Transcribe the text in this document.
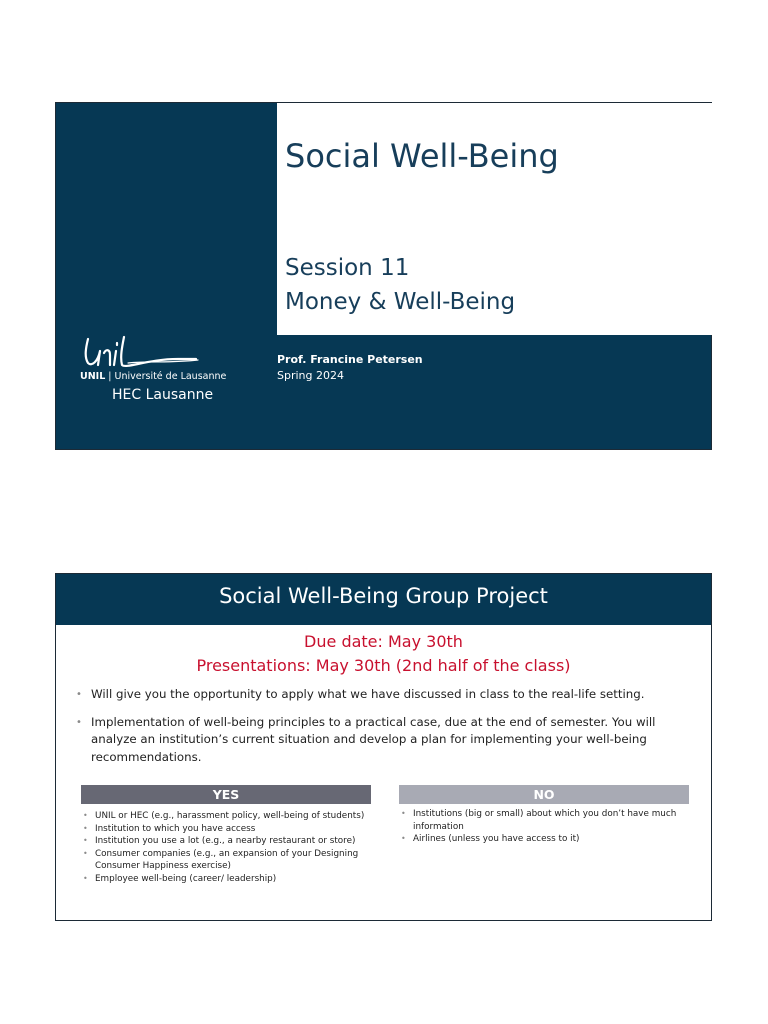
Social Well-Being
Session 11
Money & Well-Being
Prof. Francine Petersen
Spring 2024
UNIL | Université de Lausanne
HEC Lausanne
Social Well-Being Group Project
Due date: May 30th
Presentations: May 30th (2nd half of the class)
• Will give you the opportunity to apply what we have discussed in class to the real-life setting.
• Implementation of well-being principles to a practical case, due at the end of semester. You will analyze an institution’s current situation and develop a plan for implementing your well-being recommendations.
YES
• UNIL or HEC (e.g., harassment policy, well-being of students)
• Institution to which you have access
• Institution you use a lot (e.g., a nearby restaurant or store)
• Consumer companies (e.g., an expansion of your Designing Consumer Happiness exercise)
• Employee well-being (career/ leadership)
NO
• Institutions (big or small) about which you don’t have much information
• Airlines (unless you have access to it)
